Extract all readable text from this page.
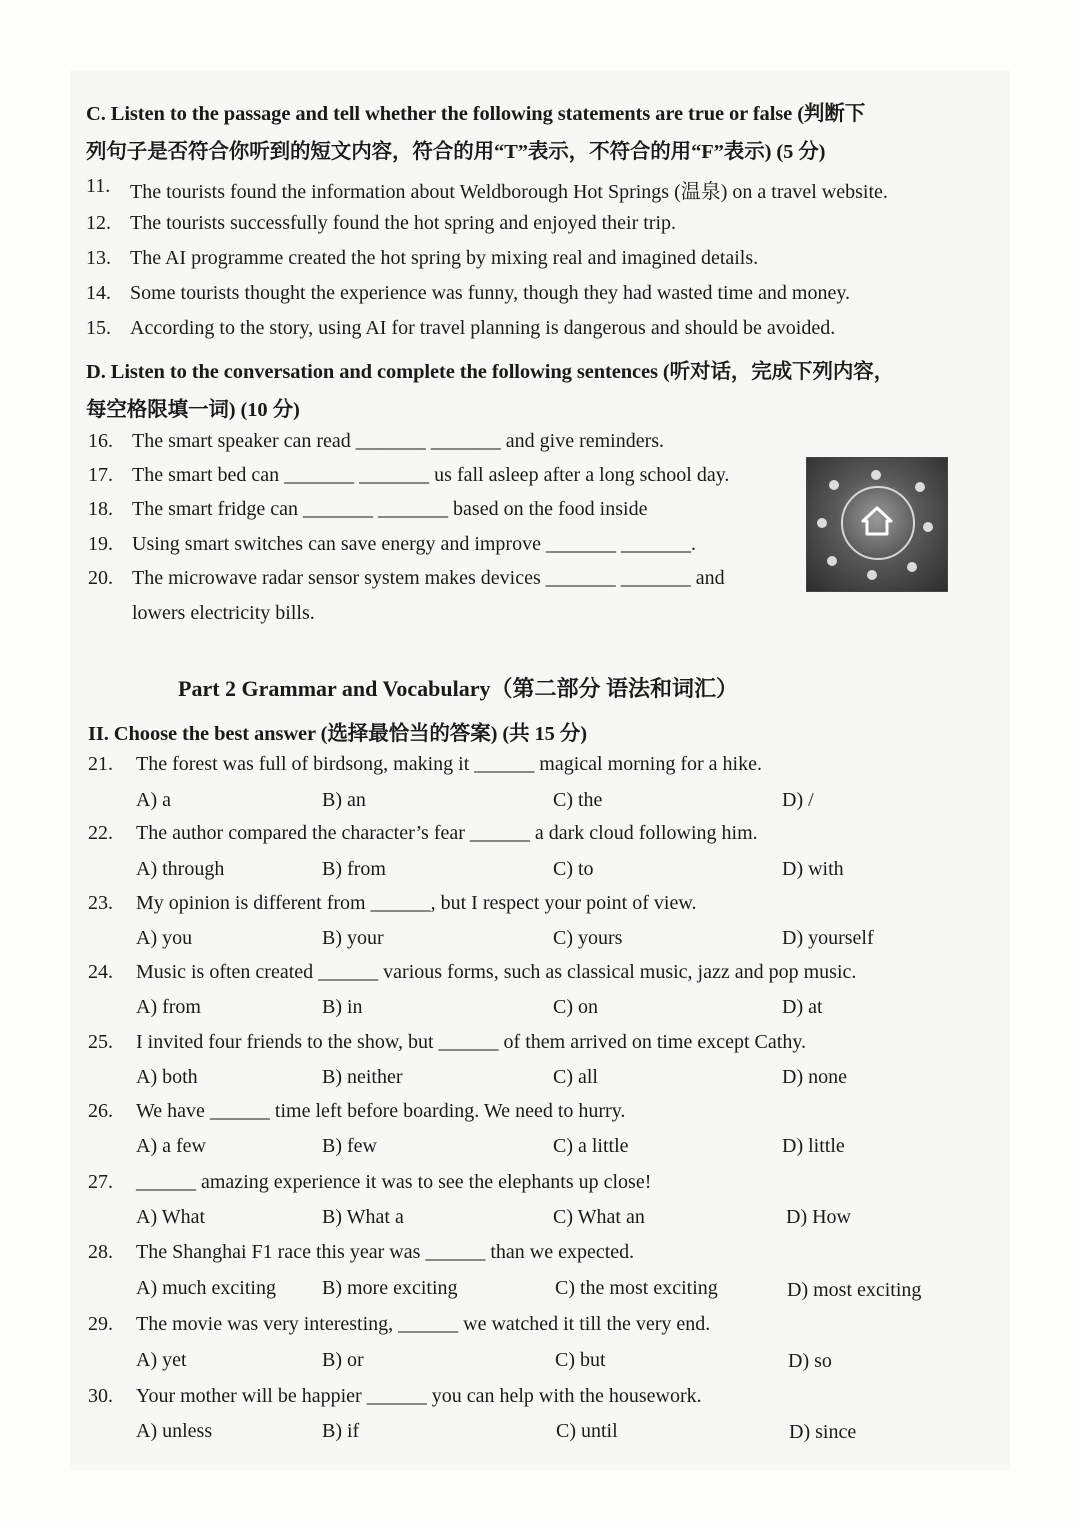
C. Listen to the passage and tell whether the following statements are true or false (判断下
列句子是否符合你听到的短文内容，符合的用“T”表示，不符合的用“F”表示) (5 分)
11. The tourists found the information about Weldborough Hot Springs (温泉) on a travel website.
12. The tourists successfully found the hot spring and enjoyed their trip.
13. The AI programme created the hot spring by mixing real and imagined details.
14. Some tourists thought the experience was funny, though they had wasted time and money.
15. According to the story, using AI for travel planning is dangerous and should be avoided.
D. Listen to the conversation and complete the following sentences (听对话，完成下列内容，
每空格限填一词) (10 分)
16. The smart speaker can read _______ _______ and give reminders.
17. The smart bed can _______ _______ us fall asleep after a long school day.
18. The smart fridge can _______ _______ based on the food inside
19. Using smart switches can save energy and improve _______ _______.
20. The microwave radar sensor system makes devices _______ _______ and
lowers electricity bills.
Part 2 Grammar and Vocabulary（第二部分 语法和词汇）
II. Choose the best answer (选择最恰当的答案) (共 15 分)
21.	The forest was full of birdsong, making it ______ magical morning for a hike.
A) a	B) an	C) the	D) /
22.	The author compared the character’s fear ______ a dark cloud following him.
A) through	B) from	C) to	D) with
23.	My opinion is different from ______, but I respect your point of view.
A) you	B) your	C) yours	D) yourself
24.	Music is often created ______ various forms, such as classical music, jazz and pop music.
A) from	B) in	C) on	D) at
25.	I invited four friends to the show, but ______ of them arrived on time except Cathy.
A) both	B) neither	C) all	D) none
26.	We have ______ time left before boarding. We need to hurry.
A) a few	B) few	C) a little	D) little
27.	______ amazing experience it was to see the elephants up close!
A) What	B) What a	C) What an	D) How
28.	The Shanghai F1 race this year was ______ than we expected.
A) much exciting B) more exciting	C) the most exciting	D) most exciting
29.	The movie was very interesting, ______ we watched it till the very end.
A) yet	B) or	C) but	D) so
30.	Your mother will be happier ______ you can help with the housework.
A) unless	B) if	C) until	D) since
